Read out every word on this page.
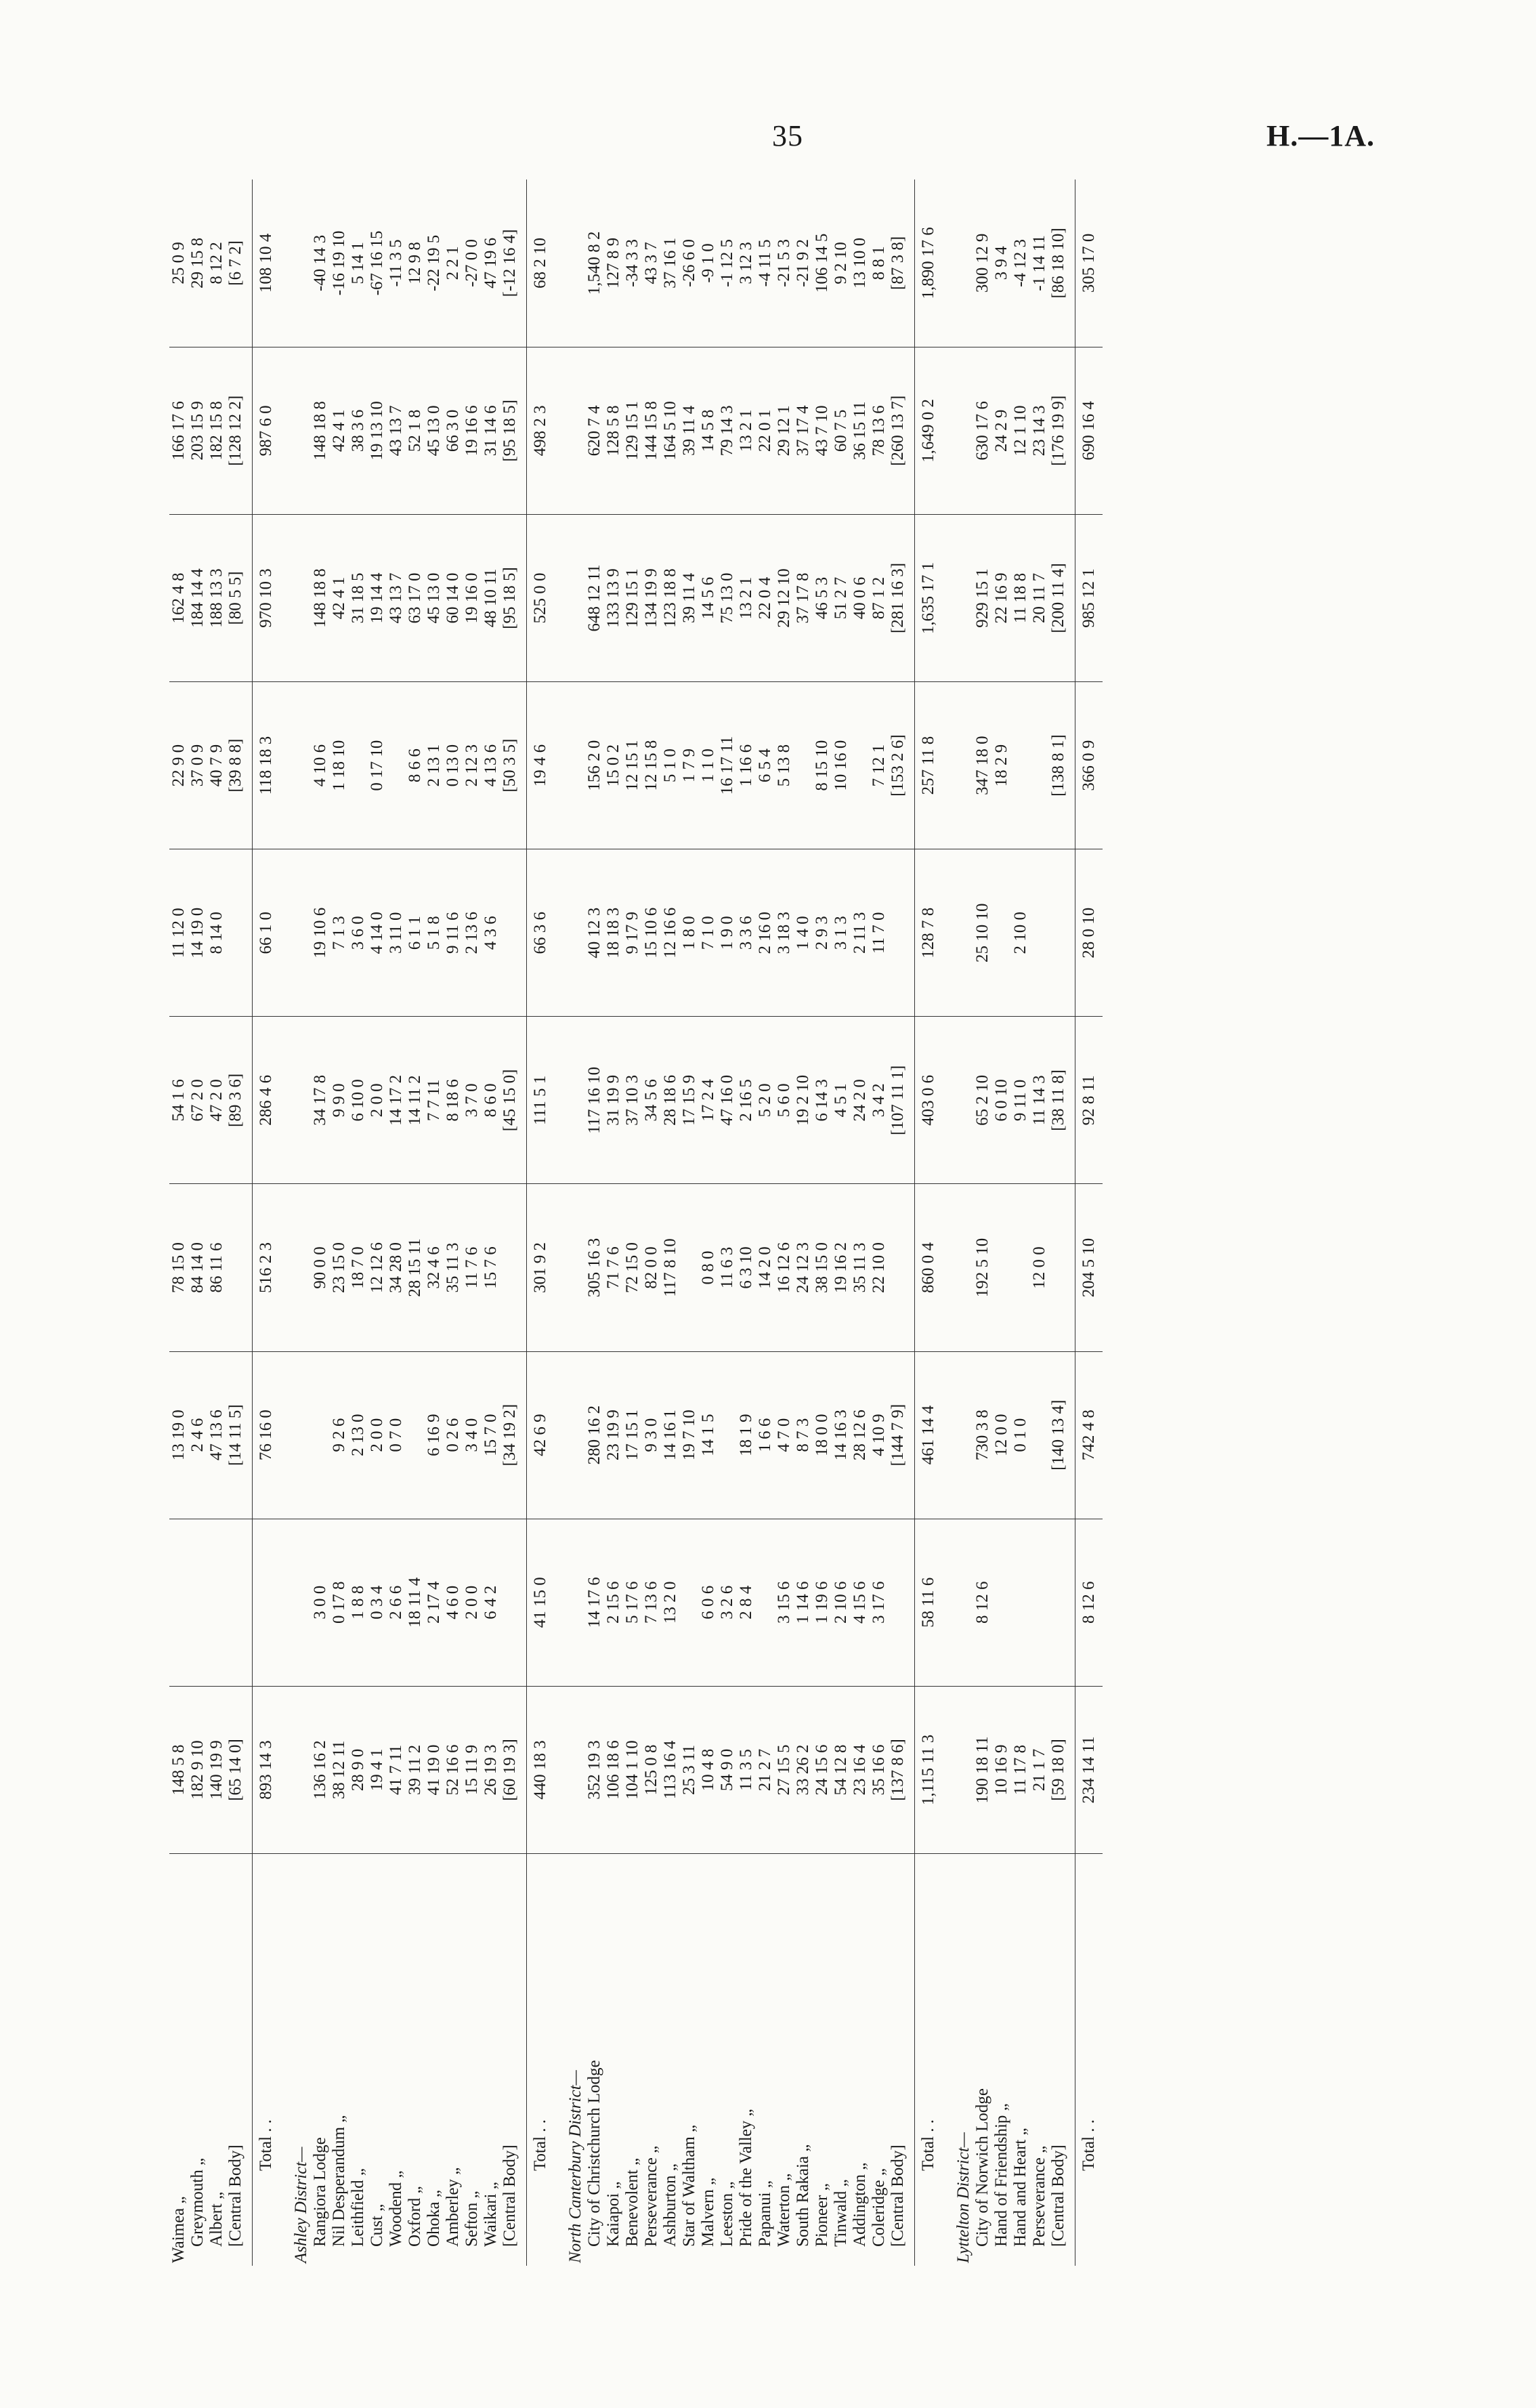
35	H.—1A.
Waimea „	148 5 8		13 19 0	78 15 0	54 1 6	11 12 0	22 9 0	162 4 8	166 17 6	25 0 9
Greymouth „	182 9 10		2 4 6	84 14 0	67 2 0	14 19 0	37 0 9	184 14 4	203 15 9	29 15 8
Albert „	140 19 9		47 13 6	86 11 6	47 2 0	8 14 0	40 7 9	188 13 3	182 15 8	8 12 2
[Central Body]	[65 14 0]		[14 11 5]		[89 3 6]		[39 8 8]	[80 5 5]	[128 12 2]	[6 7 2]
Total . .	893 14 3		76 16 0	516 2 3	286 4 6	66 1 0	118 18 3	970 10 3	987 6 0	108 10 4
Ashley District—										
Rangiora Lodge	136 16 2	3 0 0		90 0 0	34 17 8	19 10 6	4 10 6	148 18 8	148 18 8	-40 14 3
Nil Desperandum „	38 12 11	0 17 8	9 2 6	23 15 0	9 9 0	7 1 3	1 18 10	42 4 1	42 4 1	-16 19 10
Leithfield „	28 9 0	1 8 8	2 13 0	18 7 0	6 10 0	3 6 0		31 18 5	38 3 6	5 14 1
Cust „	19 4 1	0 3 4	2 0 0	12 12 6	2 0 0	4 14 0	0 17 10	19 14 4	19 13 10	-67 16 15
Woodend „	41 7 11	2 6 6	0 7 0	34 28 0	14 17 2	3 11 0		43 13 7	43 13 7	-11 3 5
Oxford „	39 11 2	18 11 4		28 15 11	14 11 2	6 1 1	8 6 6	63 17 0	52 1 8	12 9 8
Ohoka „	41 19 0	2 17 4	6 16 9	32 4 6	7 7 11	5 1 8	2 13 1	45 13 0	45 13 0	-22 19 5
Amberley „	52 16 6	4 6 0	0 2 6	35 11 3	8 18 6	9 11 6	0 13 0	60 14 0	66 3 0	2 2 1
Sefton „	15 11 9	2 0 0	3 4 0	11 7 6	3 7 0	2 13 6	2 12 3	19 16 0	19 16 6	-27 0 0
Waikari „	26 19 3	6 4 2	15 7 0	15 7 6	8 6 0	4 3 6	4 13 6	48 10 11	31 14 6	47 19 6
[Central Body]	[60 19 3]		[34 19 2]		[45 15 0]		[50 3 5]	[95 18 5]	[95 18 5]	[-12 16 4]
Total . .	440 18 3	41 15 0	42 6 9	301 9 2	111 5 1	66 3 6	19 4 6	525 0 0	498 2 3	68 2 10
North Canterbury District—										
City of Christchurch Lodge	352 19 3	14 17 6	280 16 2	305 16 3	117 16 10	40 12 3	156 2 0	648 12 11	620 7 4	1,540 8 2
Kaiapoi „	106 18 6	2 15 6	23 19 9	71 7 6	31 19 9	18 18 3	15 0 2	133 13 9	128 5 8	127 8 9
Benevolent „	104 1 10	5 17 6	17 15 1	72 15 0	37 10 3	9 17 9	12 15 1	129 15 1	129 15 1	-34 3 3
Perseverance „	125 0 8	7 13 6	9 3 0	82 0 0	34 5 6	15 10 6	12 15 8	134 19 9	144 15 8	43 3 7
Ashburton „	113 16 4	13 2 0	14 16 1	117 8 10	28 18 6	12 16 6	5 1 0	123 18 8	164 5 10	37 16 1
Star of Waltham „	25 3 11		19 7 10		17 15 9	1 8 0	1 7 9	39 11 4	39 11 4	-26 6 0
Malvern „	10 4 8	6 0 6	14 1 5	0 8 0	17 2 4	7 1 0	1 1 0	14 5 6	14 5 8	-9 1 0
Leeston „	54 9 0	3 2 6		11 6 3	47 16 0	1 9 0	16 17 11	75 13 0	79 14 3	-1 12 5
Pride of the Valley „	11 3 5	2 8 4	18 1 9	6 3 10	2 16 5	3 3 6	1 16 6	13 2 1	13 2 1	3 12 3
Papanui „	21 2 7		1 6 6	14 2 0	5 2 0	2 16 0	6 5 4	22 0 4	22 0 1	-4 11 5
Waterton „	27 15 5	3 15 6	4 7 0	16 12 6	5 6 0	3 18 3	5 13 8	29 12 10	29 12 1	-21 5 3
South Rakaia „	33 26 2	1 14 6	8 7 3	24 12 3	19 2 10	1 4 0		37 17 8	37 17 4	-21 9 2
Pioneer „	24 15 6	1 19 6	18 0 0	38 15 0	6 14 3	2 9 3	8 15 10	46 5 3	43 7 10	106 14 5
Tinwald „	54 12 8	2 10 6	14 16 3	19 16 2	4 5 1	3 1 3	10 16 0	51 2 7	60 7 5	9 2 10
Addington „	23 16 4	4 15 6	28 12 6	35 11 3	24 2 0	2 11 3		40 0 6	36 15 11	13 10 0
Coleridge „	35 16 6	3 17 6	4 10 9	22 10 0	3 4 2	11 7 0	7 12 1	87 1 2	78 13 6	8 8 1
[Central Body]	[137 8 6]		[144 7 9]		[107 11 1]		[153 2 6]	[281 16 3]	[260 13 7]	[87 3 8]
Total . .	1,115 11 3	58 11 6	461 14 4	860 0 4	403 0 6	128 7 8	257 11 8	1,635 17 1	1,649 0 2	1,890 17 6
Lyttelton District—										
City of Norwich Lodge	190 18 11	8 12 6	730 3 8	192 5 10	65 2 10	25 10 10	347 18 0	929 15 1	630 17 6	300 12 9
Hand of Friendship „	10 16 9		12 0 0		6 0 10		18 2 9	22 16 9	24 2 9	3 9 4
Hand and Heart „	11 17 8		0 1 0		9 11 0	2 10 0		11 18 8	12 1 10	-4 12 3
Perseverance „	21 1 7			12 0 0	11 14 3			20 11 7	23 14 3	-1 14 11
[Central Body]	[59 18 0]		[140 13 4]		[38 11 8]		[138 8 1]	[200 11 4]	[176 19 9]	[86 18 10]
Total . .	234 14 11	8 12 6	742 4 8	204 5 10	92 8 11	28 0 10	366 0 9	985 12 1	690 16 4	305 17 0
